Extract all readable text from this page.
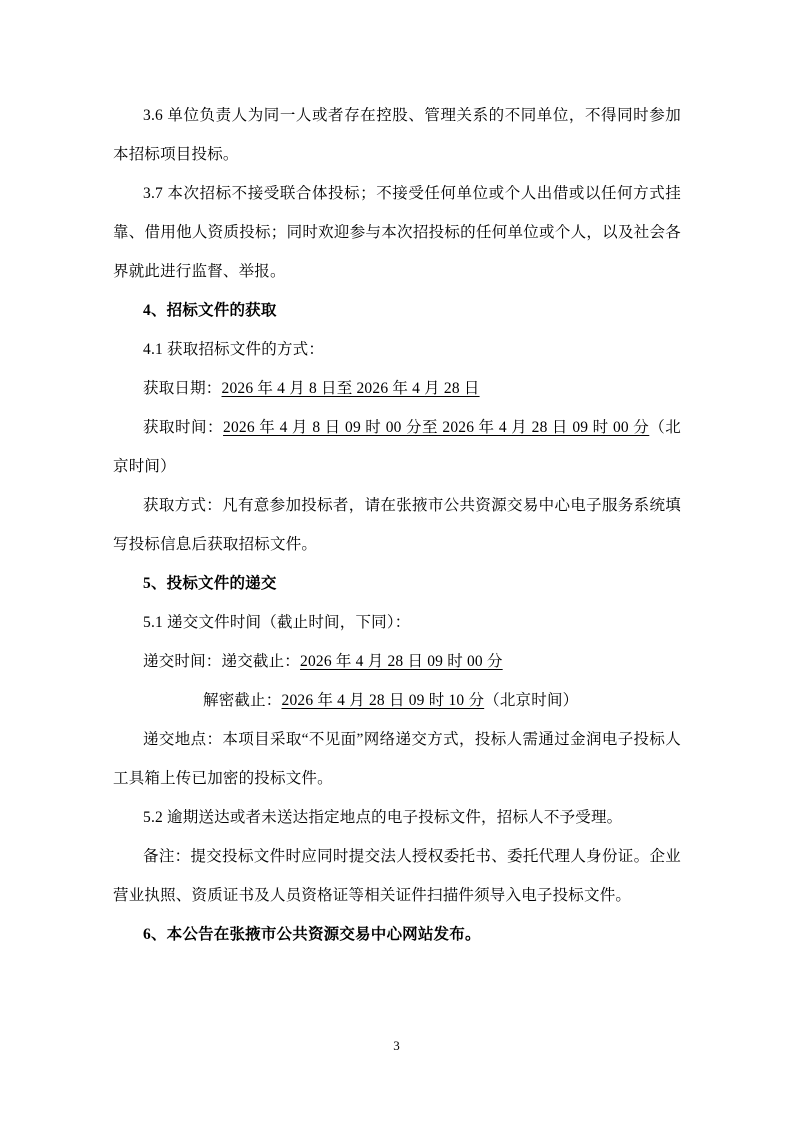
3.6 单位负责人为同一人或者存在控股、管理关系的不同单位，不得同时参加本招标项目投标。

3.7 本次招标不接受联合体投标；不接受任何单位或个人出借或以任何方式挂靠、借用他人资质投标；同时欢迎参与本次招投标的任何单位或个人，以及社会各界就此进行监督、举报。

4、招标文件的获取

4.1 获取招标文件的方式：

获取日期：2026 年 4 月 8 日至 2026 年 4 月 28 日

获取时间：2026 年 4 月 8 日 09 时 00 分至 2026 年 4 月 28 日 09 时 00 分（北京时间）

获取方式：凡有意参加投标者，请在张掖市公共资源交易中心电子服务系统填写投标信息后获取招标文件。

5、投标文件的递交

5.1 递交文件时间（截止时间，下同）：

递交时间：递交截止：2026 年 4 月 28 日 09 时 00 分

解密截止：2026 年 4 月 28 日 09 时 10 分（北京时间）

递交地点：本项目采取“不见面”网络递交方式，投标人需通过金润电子投标人工具箱上传已加密的投标文件。

5.2 逾期送达或者未送达指定地点的电子投标文件，招标人不予受理。

备注：提交投标文件时应同时提交法人授权委托书、委托代理人身份证。企业营业执照、资质证书及人员资格证等相关证件扫描件须导入电子投标文件。

6、本公告在张掖市公共资源交易中心网站发布。

3
